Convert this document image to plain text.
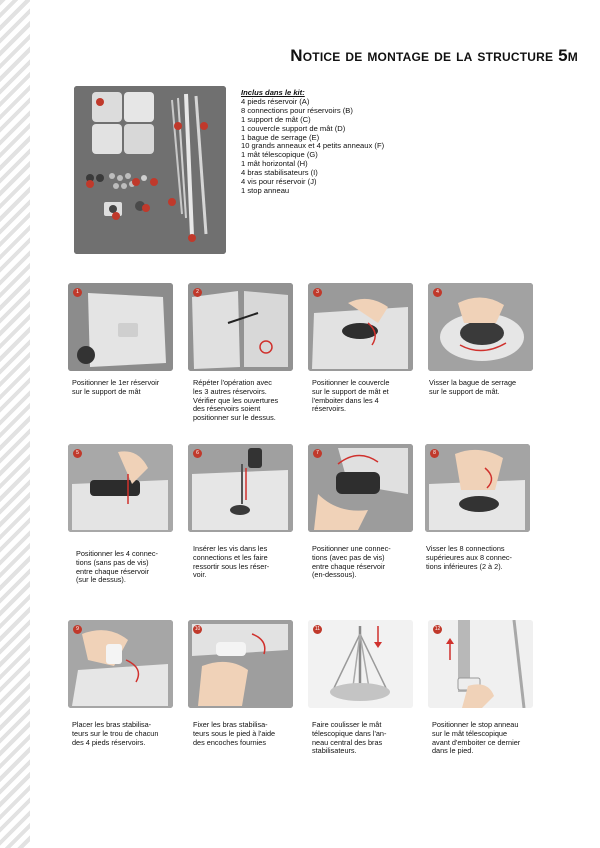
Notice de montage de la structure 5m
Inclus dans le kit:
4 pieds réservoir (A)
8 connections pour réservoirs (B)
1 support de mât (C)
1 couvercle support de mât (D)
1 bague de serrage (E)
10 grands anneaux et 4 petits anneaux (F)
1 mât télescopique (G)
1 mât horizontal (H)
4 bras stabilisateurs (I)
4 vis pour réservoir (J)
1 stop anneau
1
Positionner le 1er réservoir
sur le support de mât
2
Répéter l'opération avec
les 3 autres réservoirs.
Vérifier que les ouvertures
des réservoirs soient
positionner sur le dessus.
3
Positionner le couvercle
sur le support de mât et
l'emboiter dans les 4
réservoirs.
4
Visser la bague de serrage
sur le support de mât.
5
Positionner les 4 connec-
tions (sans pas de vis)
entre chaque réservoir
(sur le dessus).
6
Insérer les vis dans les
connections et les faire
ressortir sous les réser-
voir.
7
Positionner une connec-
tions (avec pas de vis)
entre chaque réservoir
(en-dessous).
8
Visser les 8 connections
supérieures aux 8 connec-
tions inférieures (2 à 2).
9
Placer les bras stabilisa-
teurs sur le trou de chacun
des 4 pieds réservoirs.
10
Fixer les bras stabilisa-
teurs sous le pied à l'aide
des encoches fournies
11
Faire coulisser le mât
télescopique dans l'an-
neau central des bras
stabilisateurs.
12
Positionner le stop anneau
sur le mât télescopique
avant d'emboiter ce dernier
dans le pied.
